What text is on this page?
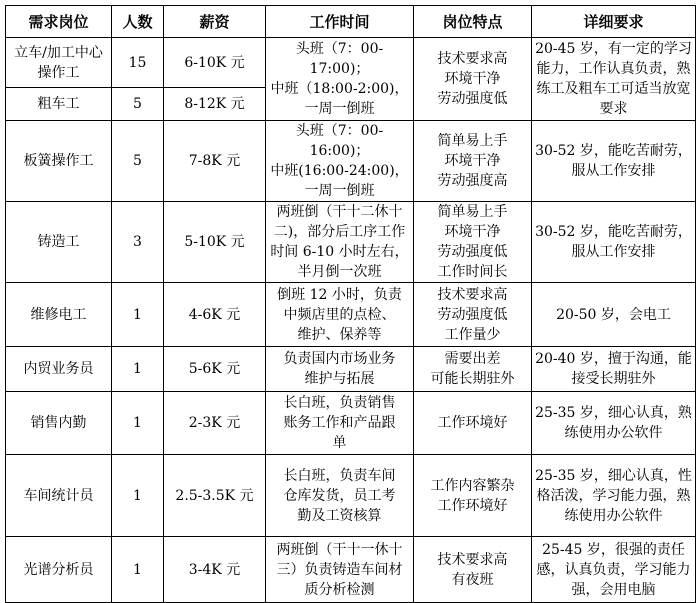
需求岗位	人数	薪资	工作时间	岗位特点	详细要求
立车/加工中心操作工	15	6-10K 元	头班（7：00-17:00)；
中班（18:00-2:00)，
一周一倒班	技术要求高
环境干净
劳动强度低	20-45 岁，有一定的学习能力，工作认真负责，熟练工及粗车工可适当放宽要求
粗车工	5	8-12K 元			
板簧操作工	5	7-8K 元	头班（7：00-16:00)；
中班(16:00-24:00)，
一周一倒班	简单易上手
环境干净
劳动强度高	30-52 岁，能吃苦耐劳，服从工作安排
铸造工	3	5-10K 元	两班倒（干十二休十
二)，部分后工序工作
时间 6-10 小时左右，
半月倒一次班	简单易上手
环境干净
劳动强度低
工作时间长	30-52 岁，能吃苦耐劳，服从工作安排
维修电工	1	4-6K 元	倒班 12 小时，负责
中频店里的点检、
维护、保养等	技术要求高
劳动强度低
工作量少	20-50 岁，会电工
内贸业务员	1	5-6K 元	负责国内市场业务
维护与拓展	需要出差
可能长期驻外	20-40 岁，擅于沟通，能接受长期驻外
销售内勤	1	2-3K 元	长白班，负责销售
账务工作和产品跟
单	工作环境好	25-35 岁，细心认真，熟练使用办公软件
车间统计员	1	2.5-3.5K 元	长白班，负责车间
仓库发货，员工考
勤及工资核算	工作内容繁杂
工作环境好	25-35 岁，细心认真，性格活泼，学习能力强，熟练使用办公软件
光谱分析员	1	3-4K 元	两班倒（干十一休十
三）负责铸造车间材
质分析检测	技术要求高
有夜班	25-45 岁，很强的责任感，认真负责，学习能力强，会用电脑
